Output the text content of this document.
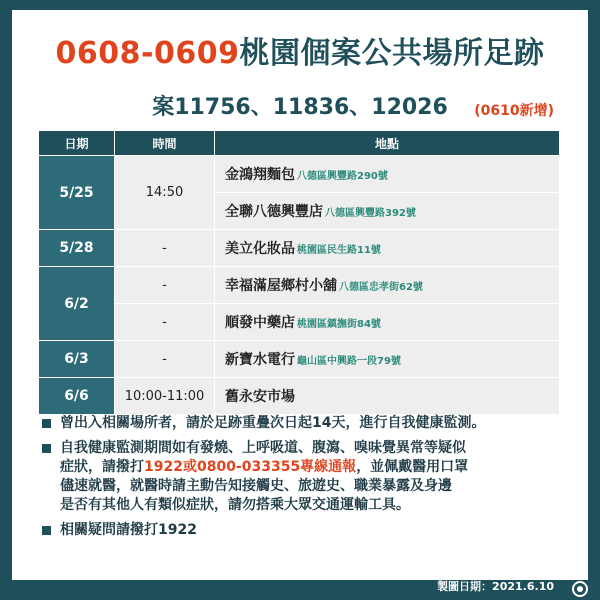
0608-0609桃園個案公共場所足跡
案11756、11836、12026	(0610新增)
日期	時間	地點
5/25	14:50	金鴻翔麵包 八德區興豐路290號
		全聯八德興豐店 八德區興豐路392號
5/28	-	美立化妝品 桃園區民生路11號
6/2	-	幸福滿屋鄉村小舖 八德區忠孝街62號
	-	順發中藥店 桃園區鎮撫街84號
6/3	-	新寶水電行 龜山區中興路一段79號
6/6	10:00-11:00	舊永安市場
曾出入相關場所者，請於足跡重疊次日起14天，進行自我健康監測。
自我健康監測期間如有發燒、上呼吸道、腹瀉、嗅味覺異常等疑似
症狀，請撥打1922或0800-033355專線通報，並佩戴醫用口罩
儘速就醫，就醫時請主動告知接觸史、旅遊史、職業暴露及身邊
是否有其他人有類似症狀，請勿搭乘大眾交通運輸工具。
相關疑問請撥打1922
製圖日期：2021.6.10
